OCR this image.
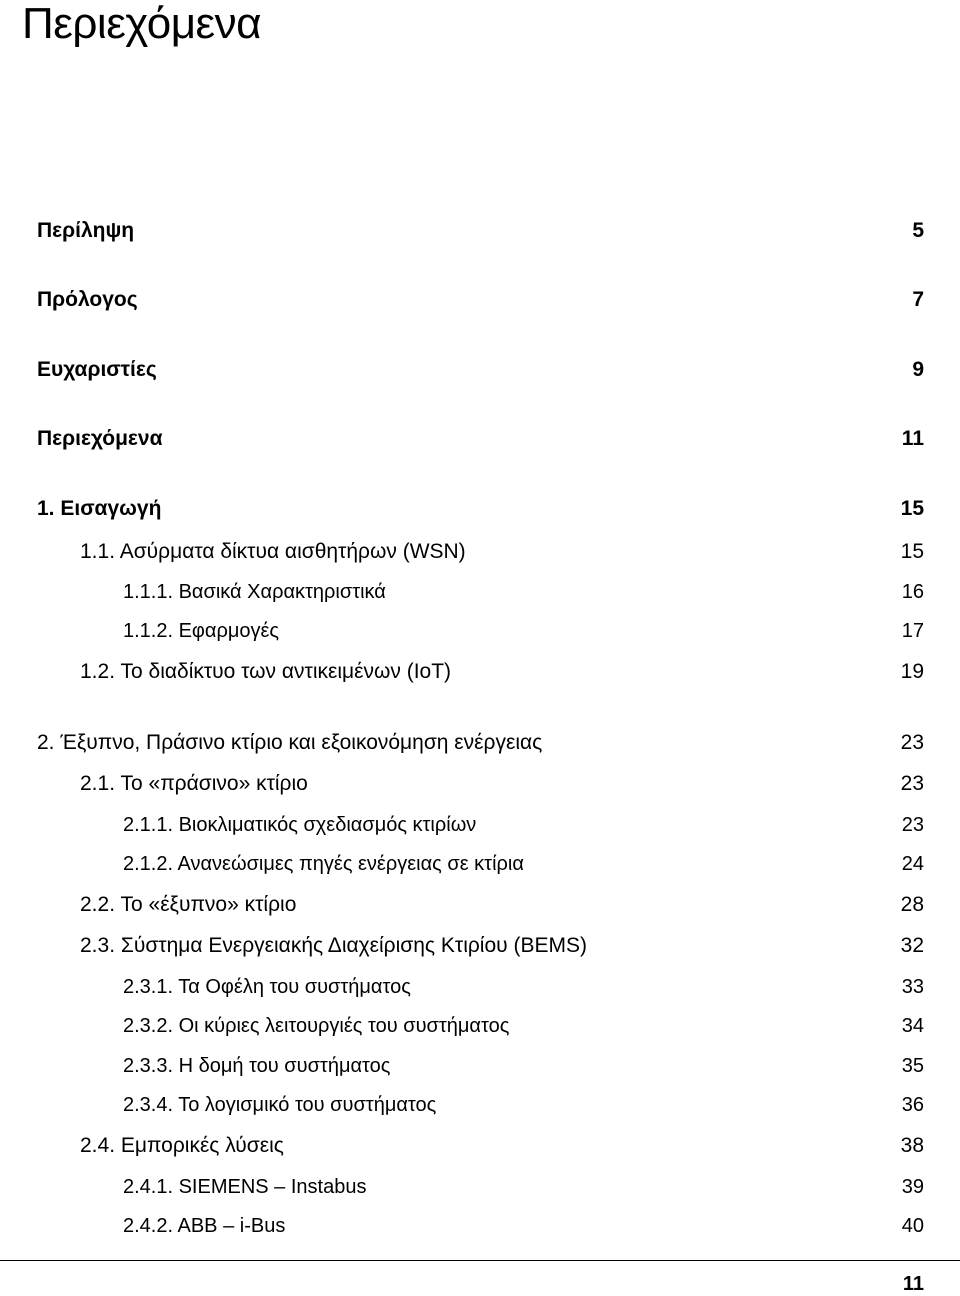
Περιεχόμενα
Περίληψη	5
Πρόλογος	7
Ευχαριστίες	9
Περιεχόμενα	11
1. Εισαγωγή	15
1.1. Ασύρματα δίκτυα αισθητήρων (WSN)	15
1.1.1. Βασικά Χαρακτηριστικά	16
1.1.2. Εφαρμογές	17
1.2. Το διαδίκτυο των αντικειμένων (IoT)	19
2. Έξυπνο, Πράσινο κτίριο και εξοικονόμηση ενέργειας	23
2.1. Το «πράσινο» κτίριο	23
2.1.1. Βιοκλιματικός σχεδιασμός κτιρίων	23
2.1.2. Ανανεώσιμες πηγές ενέργειας σε κτίρια	24
2.2. Το «έξυπνο» κτίριο	28
2.3. Σύστημα Ενεργειακής Διαχείρισης Κτιρίου (BEMS)	32
2.3.1. Τα Οφέλη του συστήματος	33
2.3.2. Οι κύριες λειτουργιές του συστήματος	34
2.3.3. Η δομή του συστήματος	35
2.3.4. Το λογισμικό του συστήματος	36
2.4. Εμπορικές λύσεις	38
2.4.1. SIEMENS – Instabus	39
2.4.2. ABB – i-Bus	40
11
